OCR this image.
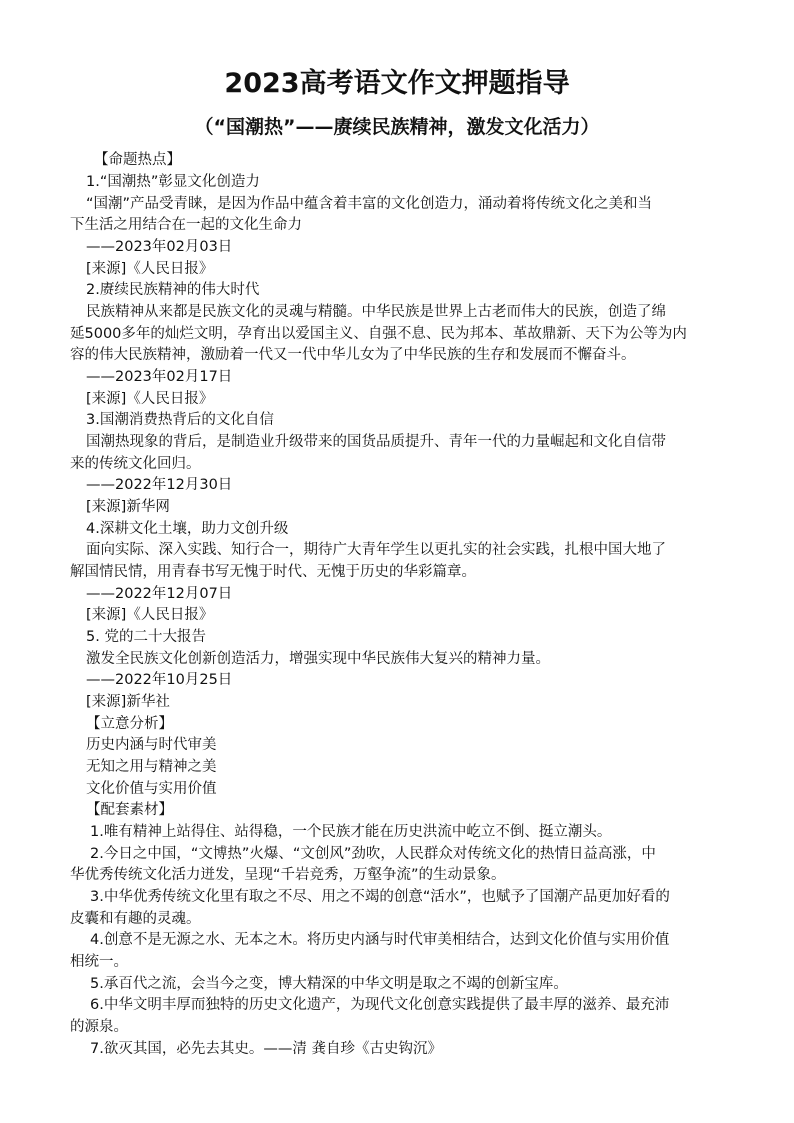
2023高考语文作文押题指导
（“国潮热”——赓续民族精神，激发文化活力）
【命题热点】
1.“国潮热”彰显文化创造力
“国潮”产品受青睐，是因为作品中蕴含着丰富的文化创造力，涌动着将传统文化之美和当
下生活之用结合在一起的文化生命力
——2023年02月03日
[来源]《人民日报》
2.赓续民族精神的伟大时代
民族精神从来都是民族文化的灵魂与精髓。中华民族是世界上古老而伟大的民族，创造了绵
延5000多年的灿烂文明，孕育出以爱国主义、自强不息、民为邦本、革故鼎新、天下为公等为内
容的伟大民族精神，激励着一代又一代中华儿女为了中华民族的生存和发展而不懈奋斗。
——2023年02月17日
[来源]《人民日报》
3.国潮消费热背后的文化自信
国潮热现象的背后，是制造业升级带来的国货品质提升、青年一代的力量崛起和文化自信带
来的传统文化回归。
——2022年12月30日
[来源]新华网
4.深耕文化土壤，助力文创升级
面向实际、深入实践、知行合一，期待广大青年学生以更扎实的社会实践，扎根中国大地了
解国情民情，用青春书写无愧于时代、无愧于历史的华彩篇章。
——2022年12月07日
[来源]《人民日报》
5. 党的二十大报告
激发全民族文化创新创造活力，增强实现中华民族伟大复兴的精神力量。
——2022年10月25日
[来源]新华社
【立意分析】
历史内涵与时代审美
无知之用与精神之美
文化价值与实用价值
【配套素材】
1.唯有精神上站得住、站得稳，一个民族才能在历史洪流中屹立不倒、挺立潮头。
2.今日之中国，“文博热”火爆、“文创风”劲吹，人民群众对传统文化的热情日益高涨，中
华优秀传统文化活力迸发，呈现“千岩竞秀，万壑争流”的生动景象。
3.中华优秀传统文化里有取之不尽、用之不竭的创意“活水”，也赋予了国潮产品更加好看的
皮囊和有趣的灵魂。
4.创意不是无源之水、无本之木。将历史内涵与时代审美相结合，达到文化价值与实用价值
相统一。
5.承百代之流，会当今之变，博大精深的中华文明是取之不竭的创新宝库。
6.中华文明丰厚而独特的历史文化遗产，为现代文化创意实践提供了最丰厚的滋养、最充沛
的源泉。
7.欲灭其国，必先去其史。——清 龚自珍《古史钩沉》
